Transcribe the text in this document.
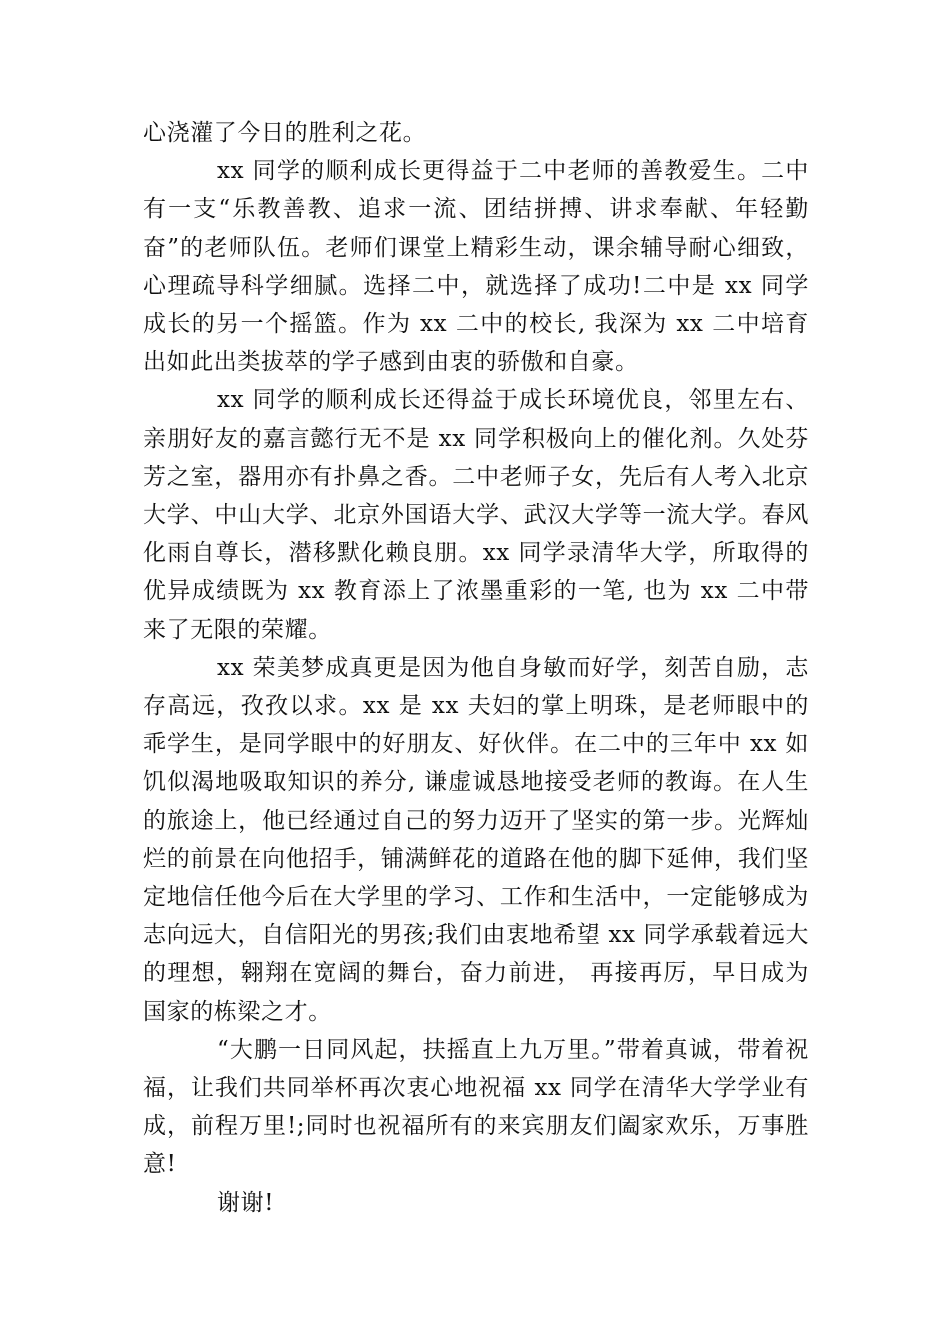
心浇灌了今日的胜利之花。

xx 同学的顺利成长更得益于二中老师的善教爱生。二中有一支“乐教善教、追求一流、团结拼搏、讲求奉献、年轻勤奋”的老师队伍。老师们课堂上精彩生动，课余辅导耐心细致，心理疏导科学细腻。选择二中，就选择了成功!二中是 xx 同学成长的另一个摇篮。作为 xx 二中的校长, 我深为 xx 二中培育出如此出类拔萃的学子感到由衷的骄傲和自豪。

xx 同学的顺利成长还得益于成长环境优良，邻里左右、亲朋好友的嘉言懿行无不是 xx 同学积极向上的催化剂。久处芬芳之室，器用亦有扑鼻之香。二中老师子女，先后有人考入北京大学、中山大学、北京外国语大学、武汉大学等一流大学。春风化雨自尊长，潜移默化赖良朋。xx 同学录清华大学，所取得的优异成绩既为 xx 教育添上了浓墨重彩的一笔, 也为 xx 二中带来了无限的荣耀。

xx 荣美梦成真更是因为他自身敏而好学，刻苦自励，志存高远，孜孜以求。xx 是 xx 夫妇的掌上明珠，是老师眼中的乖学生，是同学眼中的好朋友、好伙伴。在二中的三年中 xx 如饥似渴地吸取知识的养分, 谦虚诚恳地接受老师的教诲。在人生的旅途上，他已经通过自己的努力迈开了坚实的第一步。光辉灿烂的前景在向他招手，铺满鲜花的道路在他的脚下延伸，我们坚定地信任他今后在大学里的学习、工作和生活中，一定能够成为志向远大，自信阳光的男孩;我们由衷地希望 xx 同学承载着远大的理想，翱翔在宽阔的舞台，奋力前进， 再接再厉，早日成为国家的栋梁之才。

“大鹏一日同风起，扶摇直上九万里。”带着真诚，带着祝福，让我们共同举杯再次衷心地祝福 xx 同学在清华大学学业有成，前程万里!;同时也祝福所有的来宾朋友们阖家欢乐，万事胜意!

谢谢!
